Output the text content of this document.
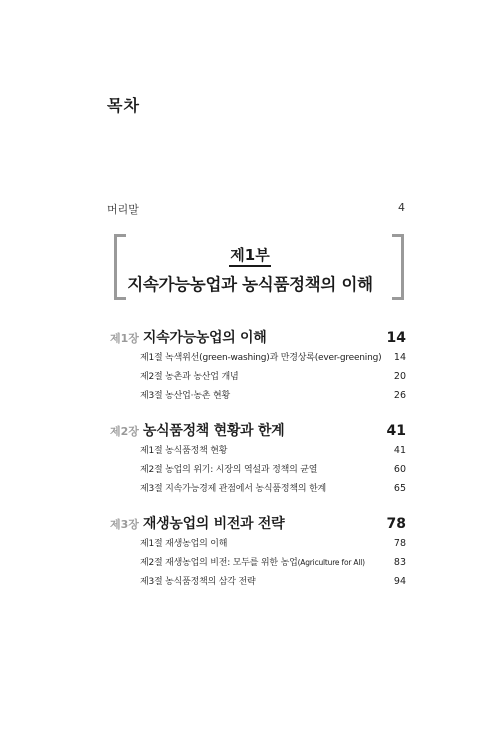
목차
머리말	4
제1부
지속가능농업과 농식품정책의 이해
제1장 지속가능농업의 이해	14
제1절 녹색위선(green-washing)과 만경상록(ever-greening)	14
제2절 농촌과 농산업 개념	20
제3절 농산업·농촌 현황	26
제2장 농식품정책 현황과 한계	41
제1절 농식품정책 현황	41
제2절 농업의 위기: 시장의 역설과 정책의 균열	60
제3절 지속가능경제 관점에서 농식품정책의 한계	65
제3장 재생농업의 비전과 전략	78
제1절 재생농업의 이해	78
제2절 재생농업의 비전: 모두를 위한 농업(Agriculture for All)	83
제3절 농식품정책의 삼각 전략	94
